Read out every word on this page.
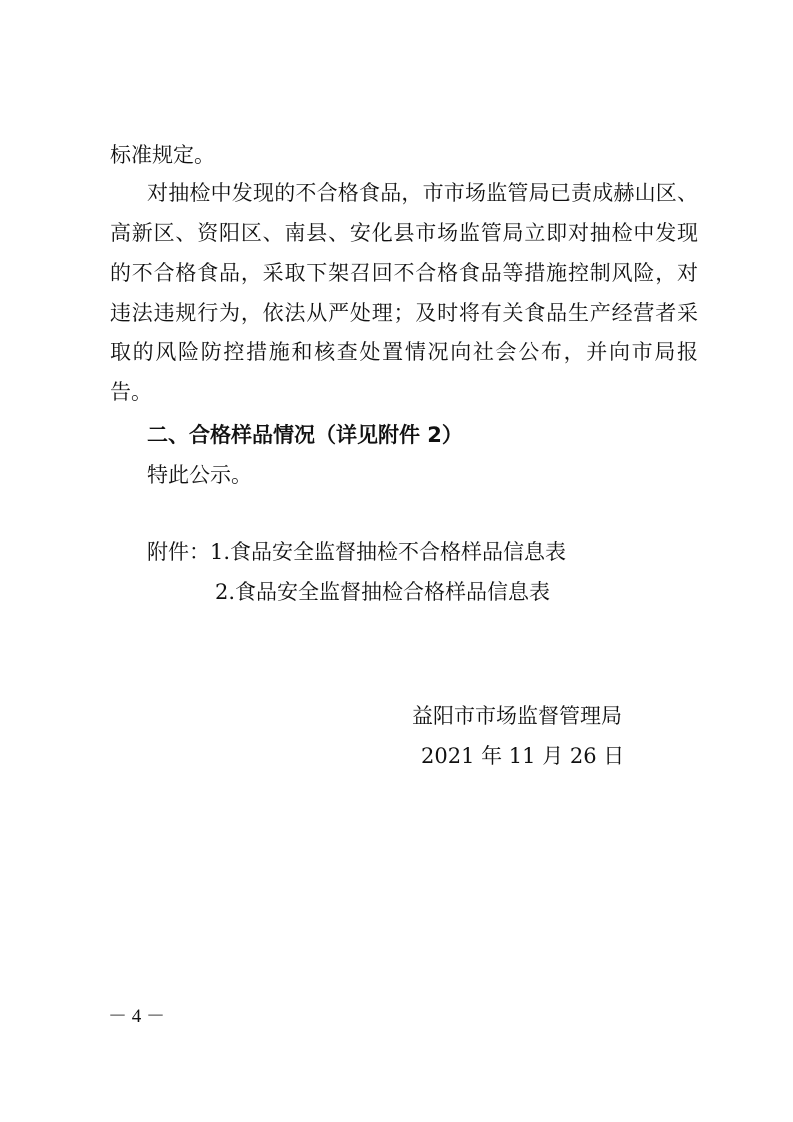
标准规定。
对抽检中发现的不合格食品，市市场监管局已责成赫山区、
高新区、资阳区、南县、安化县市场监管局立即对抽检中发现
的不合格食品，采取下架召回不合格食品等措施控制风险，对
违法违规行为，依法从严处理；及时将有关食品生产经营者采
取的风险防控措施和核查处置情况向社会公布，并向市局报
告。
二、合格样品情况（详见附件 2）
特此公示。
附件：1.食品安全监督抽检不合格样品信息表
2.食品安全监督抽检合格样品信息表
益阳市市场监督管理局
2021 年 11 月 26 日
－ 4 －
